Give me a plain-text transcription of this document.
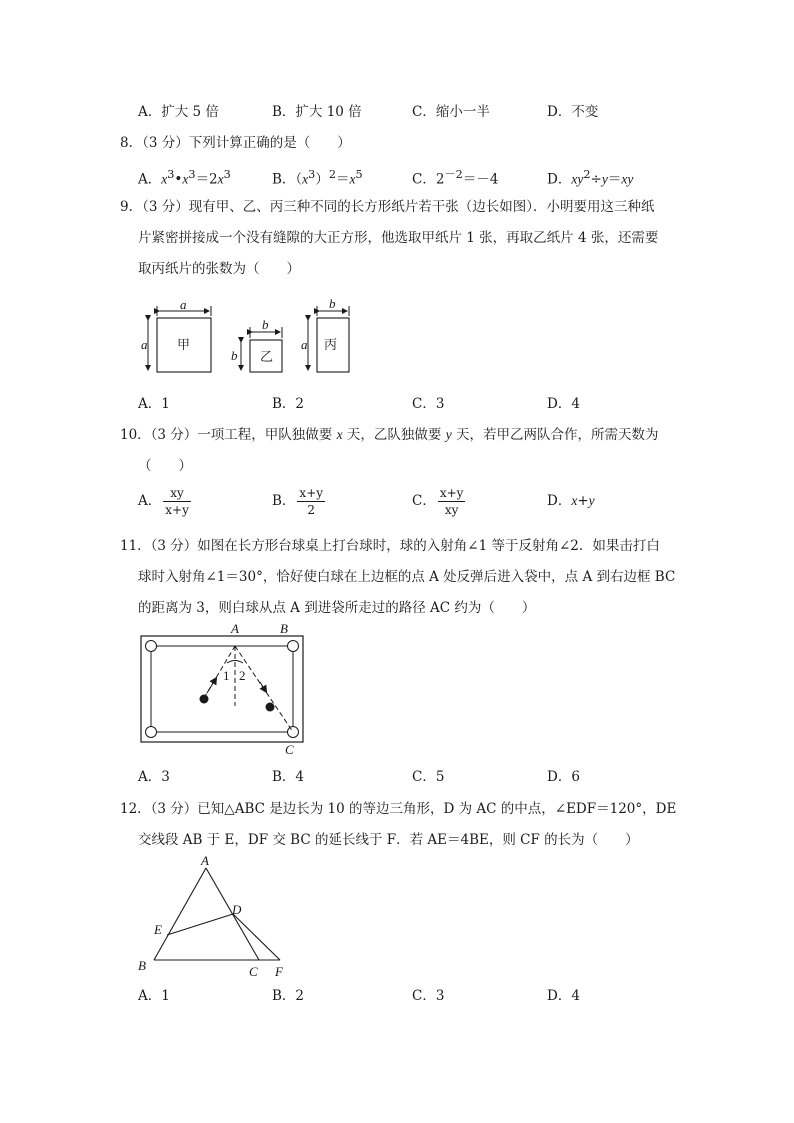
A．扩大 5 倍	B．扩大 10 倍	C．缩小一半	D．不变
8．（3 分）下列计算正确的是（　　）
A．$x^3•x^3=2x^3$	B．$(x^3)^2=x^5$	C．$2^{-2}=-4$	D．$xy^2\div y=xy$
9．（3 分）现有甲、乙、丙三种不同的长方形纸片若干张（边长如图）．小明要用这三种纸
片紧密拼接成一个没有缝隙的大正方形，他选取甲纸片 1 张，再取乙纸片 4 张，还需要
取丙纸片的张数为（　　）
a
a 甲
b
b 乙
b
a 丙
A．1	B．2	C．3	D．4
10．（3 分）一项工程，甲队独做要 x 天，乙队独做要 y 天，若甲乙两队合作，所需天数为
（　　）
A． $\frac{xy}{x+y}$	B． $\frac{x+y}{2}$	C． $\frac{x+y}{xy}$	D．x+y
11．（3 分）如图在长方形台球桌上打台球时，球的入射角∠1 等于反射角∠2．如果击打白
球时入射角∠1＝30°，恰好使白球在上边框的点 A 处反弹后进入袋中，点 A 到右边框 BC
的距离为 3，则白球从点 A 到进袋所走过的路径 AC 约为（　　）
A	B
C
1 2
A．3	B．4	C．5	D．6
12．（3 分）已知△ABC 是边长为 10 的等边三角形，D 为 AC 的中点，∠EDF＝120°，DE
交线段 AB 于 E，DF 交 BC 的延长线于 F．若 AE＝4BE，则 CF 的长为（　　）
A
B	C
D
E
F
A．1	B．2	C．3	D．4
